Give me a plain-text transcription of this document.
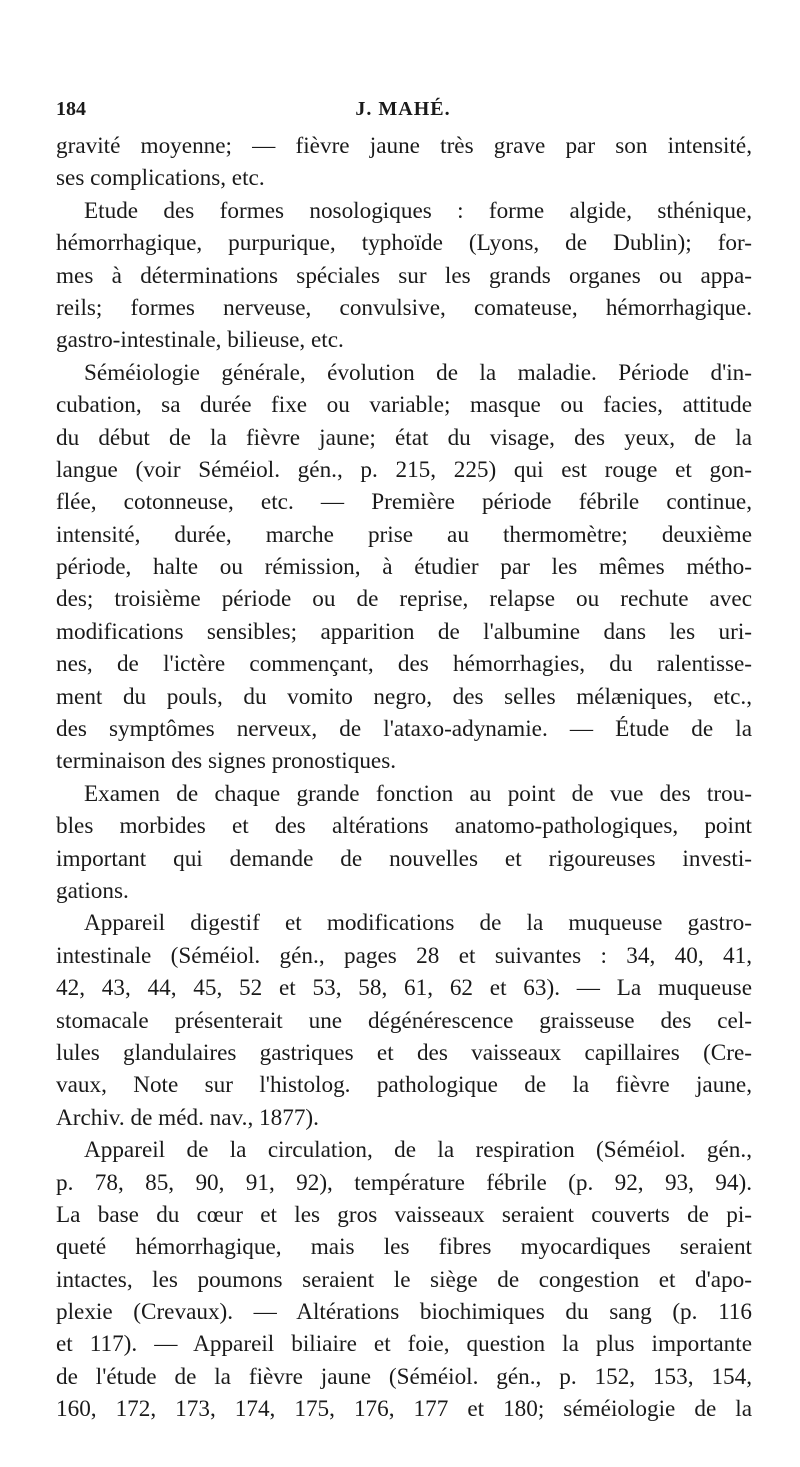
184	J. MAHÉ.
gravité moyenne; — fièvre jaune très grave par son intensité,
ses complications, etc.
Etude des formes nosologiques : forme algide, sthénique,
hémorrhagique, purpurique, typhoïde (Lyons, de Dublin); for-
mes à déterminations spéciales sur les grands organes ou appa-
reils; formes nerveuse, convulsive, comateuse, hémorrhagique.
gastro-intestinale, bilieuse, etc.
Séméiologie générale, évolution de la maladie. Période d'in-
cubation, sa durée fixe ou variable; masque ou facies, attitude
du début de la fièvre jaune; état du visage, des yeux, de la
langue (voir Séméiol. gén., p. 215, 225) qui est rouge et gon-
flée, cotonneuse, etc. — Première période fébrile continue,
intensité, durée, marche prise au thermomètre; deuxième
période, halte ou rémission, à étudier par les mêmes métho-
des; troisième période ou de reprise, relapse ou rechute avec
modifications sensibles; apparition de l'albumine dans les uri-
nes, de l'ictère commençant, des hémorrhagies, du ralentisse-
ment du pouls, du vomito negro, des selles mélæniques, etc.,
des symptômes nerveux, de l'ataxo-adynamie. — Étude de la
terminaison des signes pronostiques.
Examen de chaque grande fonction au point de vue des trou-
bles morbides et des altérations anatomo-pathologiques, point
important qui demande de nouvelles et rigoureuses investi-
gations.
Appareil digestif et modifications de la muqueuse gastro-
intestinale (Séméiol. gén., pages 28 et suivantes : 34, 40, 41,
42, 43, 44, 45, 52 et 53, 58, 61, 62 et 63). — La muqueuse
stomacale présenterait une dégénérescence graisseuse des cel-
lules glandulaires gastriques et des vaisseaux capillaires (Cre-
vaux, Note sur l'histolog. pathologique de la fièvre jaune,
Archiv. de méd. nav., 1877).
Appareil de la circulation, de la respiration (Séméiol. gén.,
p. 78, 85, 90, 91, 92), température fébrile (p. 92, 93, 94).
La base du cœur et les gros vaisseaux seraient couverts de pi-
queté hémorrhagique, mais les fibres myocardiques seraient
intactes, les poumons seraient le siège de congestion et d'apo-
plexie (Crevaux). — Altérations biochimiques du sang (p. 116
et 117). — Appareil biliaire et foie, question la plus importante
de l'étude de la fièvre jaune (Séméiol. gén., p. 152, 153, 154,
160, 172, 173, 174, 175, 176, 177 et 180; séméiologie de la
